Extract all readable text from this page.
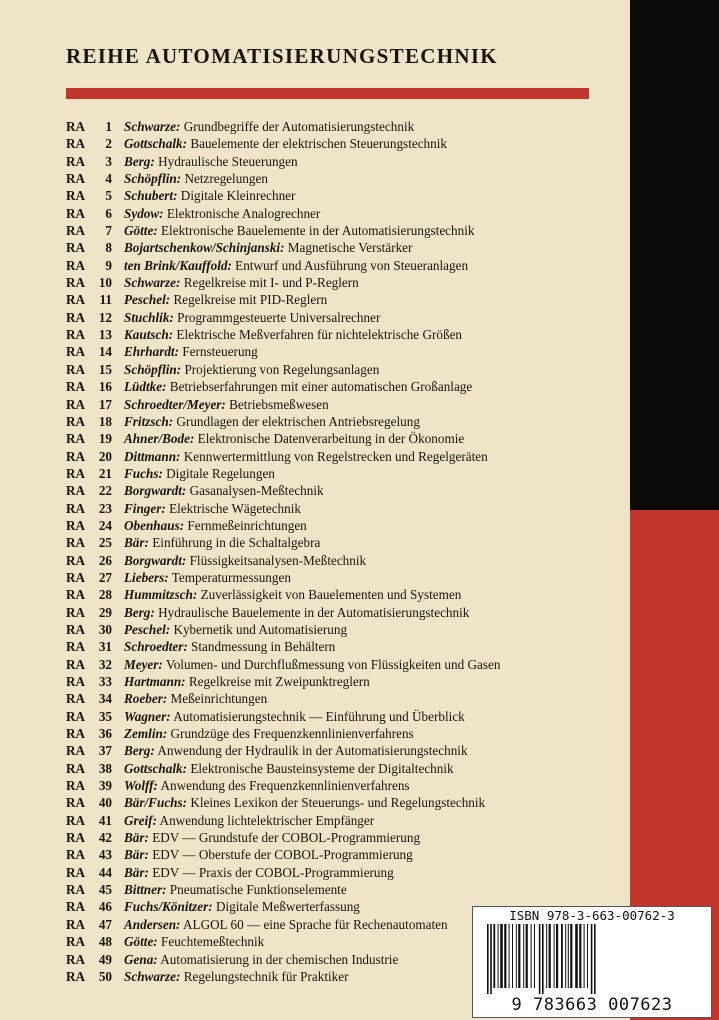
REIHE AUTOMATISIERUNGSTECHNIK
RA	1 Schwarze: Grundbegriffe der Automatisierungstechnik
RA	2 Gottschalk: Bauelemente der elektrischen Steuerungstechnik
RA	3 Berg: Hydraulische Steuerungen
RA	4 Schöpflin: Netzregelungen
RA	5 Schubert: Digitale Kleinrechner
RA	6 Sydow: Elektronische Analogrechner
RA	7 Götte: Elektronische Bauelemente in der Automatisierungstechnik
RA	8 Bojartschenkow/Schinjanski: Magnetische Verstärker
RA	9 ten Brink/Kauffold: Entwurf und Ausführung von Steueranlagen
RA	10 Schwarze: Regelkreise mit I- und P-Reglern
RA	11 Peschel: Regelkreise mit PID-Reglern
RA	12 Stuchlik: Programmgesteuerte Universalrechner
RA	13 Kautsch: Elektrische Meßverfahren für nichtelektrische Größen
RA	14 Ehrhardt: Fernsteuerung
RA	15 Schöpflin: Projektierung von Regelungsanlagen
RA	16 Lüdtke: Betriebserfahrungen mit einer automatischen Großanlage
RA	17 Schroedter/Meyer: Betriebsmeßwesen
RA	18 Fritzsch: Grundlagen der elektrischen Antriebsregelung
RA	19 Ahner/Bode: Elektronische Datenverarbeitung in der Ökonomie
RA	20 Dittmann: Kennwertermittlung von Regelstrecken und Regelgeräten
RA	21 Fuchs: Digitale Regelungen
RA	22 Borgwardt: Gasanalysen-Meßtechnik
RA	23 Finger: Elektrische Wägetechnik
RA	24 Obenhaus: Fernmeßeinrichtungen
RA	25 Bär: Einführung in die Schaltalgebra
RA	26 Borgwardt: Flüssigkeitsanalysen-Meßtechnik
RA	27 Liebers: Temperaturmessungen
RA	28 Hummitzsch: Zuverlässigkeit von Bauelementen und Systemen
RA	29 Berg: Hydraulische Bauelemente in der Automatisierungstechnik
RA	30 Peschel: Kybernetik und Automatisierung
RA	31 Schroedter: Standmessung in Behältern
RA	32 Meyer: Volumen- und Durchflußmessung von Flüssigkeiten und Gasen
RA	33 Hartmann: Regelkreise mit Zweipunktreglern
RA	34 Roeber: Meßeinrichtungen
RA	35 Wagner: Automatisierungstechnik — Einführung und Überblick
RA	36 Zemlin: Grundzüge des Frequenzkennlinienverfahrens
RA	37 Berg: Anwendung der Hydraulik in der Automatisierungstechnik
RA	38 Gottschalk: Elektronische Bausteinsysteme der Digitaltechnik
RA	39 Wolff: Anwendung des Frequenzkennlinienverfahrens
RA	40 Bär/Fuchs: Kleines Lexikon der Steuerungs- und Regelungstechnik
RA	41 Greif: Anwendung lichtelektrischer Empfänger
RA	42 Bär: EDV — Grundstufe der COBOL-Programmierung
RA	43 Bär: EDV — Oberstufe der COBOL-Programmierung
RA	44 Bär: EDV — Praxis der COBOL-Programmierung
RA	45 Bittner: Pneumatische Funktionselemente
RA	46 Fuchs/Könitzer: Digitale Meßwerterfassung
RA	47 Andersen: ALGOL 60 — eine Sprache für Rechenautomaten
RA	48 Götte: Feuchtemeßtechnik
RA	49 Gena: Automatisierung in der chemischen Industrie
RA	50 Schwarze: Regelungstechnik für Praktiker
ISBN 978-3-663-00762-3
9 783663 007623
